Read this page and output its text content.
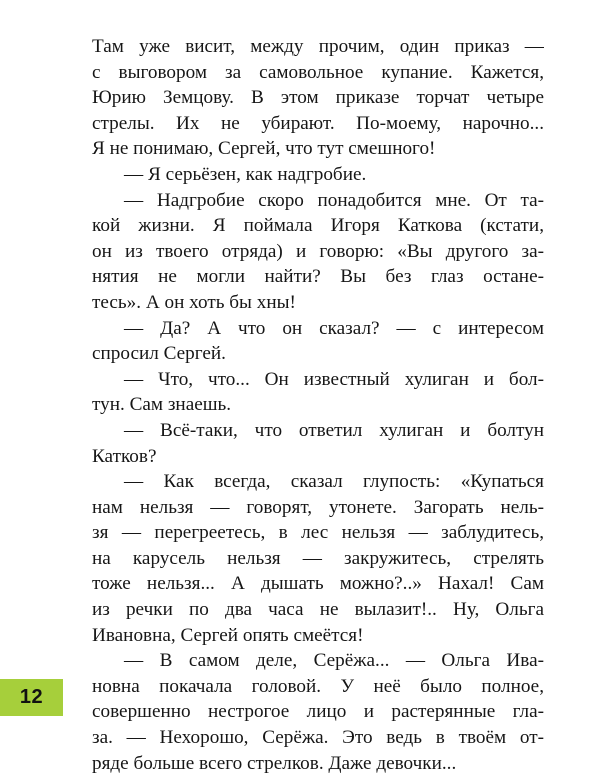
Там уже висит, между прочим, один приказ —
с выговором за самовольное купание. Кажется,
Юрию Земцову. В этом приказе торчат четыре
стрелы. Их не убирают. По-моему, нарочно...
Я не понимаю, Сергей, что тут смешного!
— Я серьёзен, как надгробие.
— Надгробие скоро понадобится мне. От та-
кой жизни. Я поймала Игоря Каткова (кстати,
он из твоего отряда) и говорю: «Вы другого за-
нятия не могли найти? Вы без глаз остане-
тесь». А он хоть бы хны!
— Да? А что он сказал? — с интересом
спросил Сергей.
— Что, что... Он известный хулиган и бол-
тун. Сам знаешь.
— Всё-таки, что ответил хулиган и болтун
Катков?
— Как всегда, сказал глупость: «Купаться
нам нельзя — говорят, утонете. Загорать нель-
зя — перегреетесь, в лес нельзя — заблудитесь,
на карусель нельзя — закружитесь, стрелять
тоже нельзя... А дышать можно?..» Нахал! Сам
из речки по два часа не вылазит!.. Ну, Ольга
Ивановна, Сергей опять смеётся!
— В самом деле, Серёжа... — Ольга Ива-
новна покачала головой. У неё было полное,
совершенно нестрогое лицо и растерянные гла-
за. — Нехорошо, Серёжа. Это ведь в твоём от-
ряде больше всего стрелков. Даже девочки...
12
